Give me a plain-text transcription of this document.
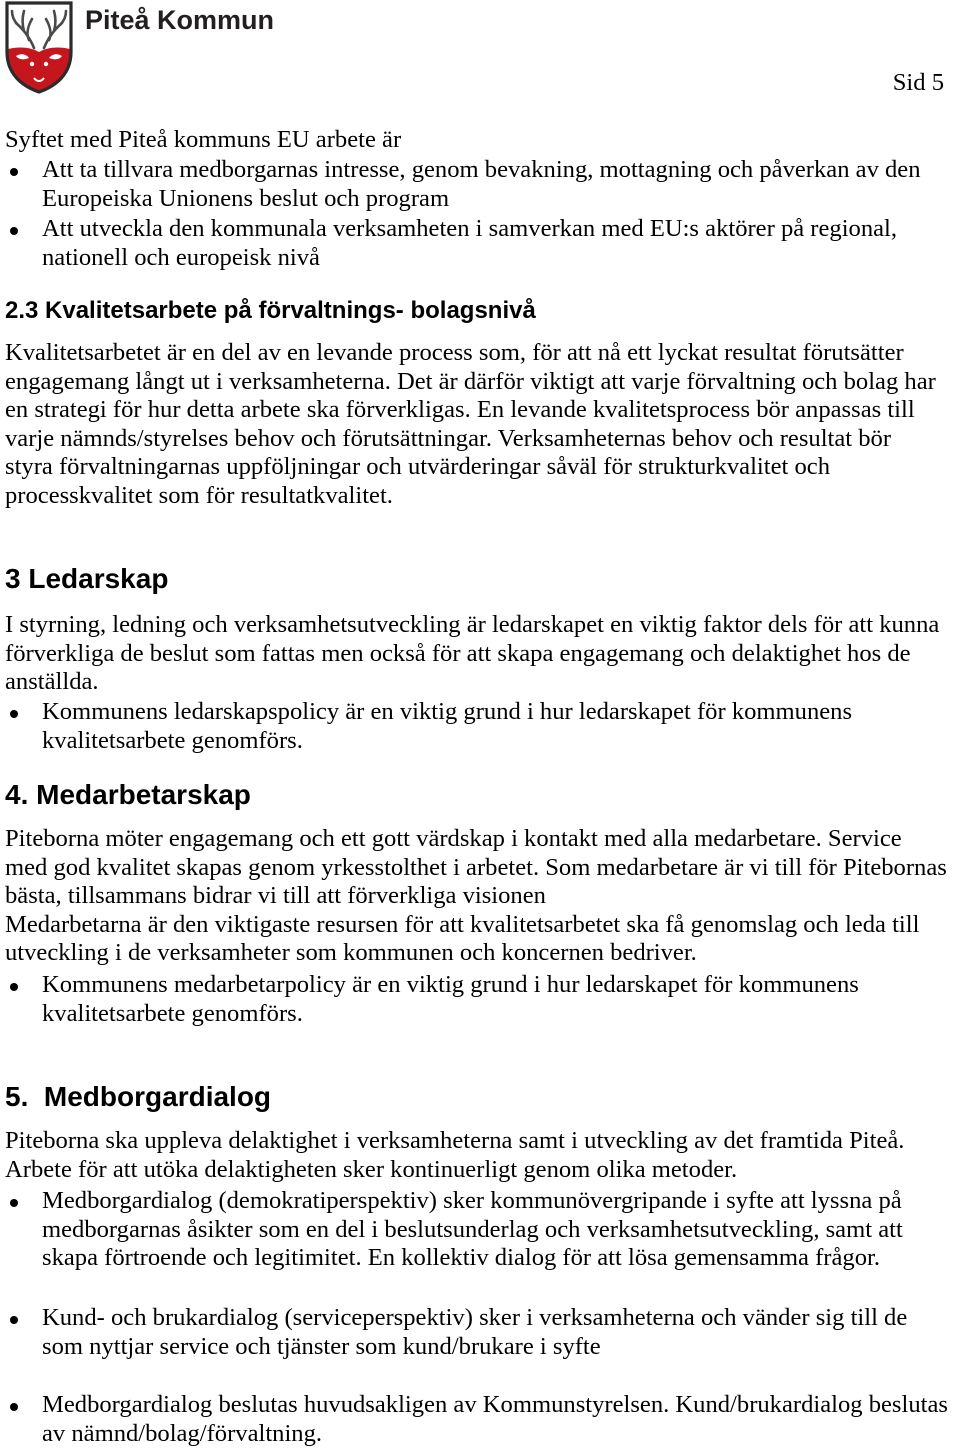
Piteå Kommun
Sid 5
Syftet med Piteå kommuns EU arbete är
Att ta tillvara medborgarnas intresse, genom bevakning, mottagning och påverkan av den
Europeiska Unionens beslut och program
Att utveckla den kommunala verksamheten i samverkan med EU:s aktörer på regional,
nationell och europeisk nivå
2.3 Kvalitetsarbete på förvaltnings- bolagsnivå
Kvalitetsarbetet är en del av en levande process som, för att nå ett lyckat resultat förutsätter
engagemang långt ut i verksamheterna. Det är därför viktigt att varje förvaltning och bolag har
en strategi för hur detta arbete ska förverkligas. En levande kvalitetsprocess bör anpassas till
varje nämnds/styrelses behov och förutsättningar. Verksamheternas behov och resultat bör
styra förvaltningarnas uppföljningar och utvärderingar såväl för strukturkvalitet och
processkvalitet som för resultatkvalitet.
3 Ledarskap
I styrning, ledning och verksamhetsutveckling är ledarskapet en viktig faktor dels för att kunna
förverkliga de beslut som fattas men också för att skapa engagemang och delaktighet hos de
anställda.
Kommunens ledarskapspolicy är en viktig grund i hur ledarskapet för kommunens
kvalitetsarbete genomförs.
4. Medarbetarskap
Piteborna möter engagemang och ett gott värdskap i kontakt med alla medarbetare. Service
med god kvalitet skapas genom yrkesstolthet i arbetet. Som medarbetare är vi till för Pitebornas
bästa, tillsammans bidrar vi till att förverkliga visionen
Medarbetarna är den viktigaste resursen för att kvalitetsarbetet ska få genomslag och leda till
utveckling i de verksamheter som kommunen och koncernen bedriver.
Kommunens medarbetarpolicy är en viktig grund i hur ledarskapet för kommunens
kvalitetsarbete genomförs.
5.  Medborgardialog
Piteborna ska uppleva delaktighet i verksamheterna samt i utveckling av det framtida Piteå.
Arbete för att utöka delaktigheten sker kontinuerligt genom olika metoder.
Medborgardialog (demokratiperspektiv) sker kommunövergripande i syfte att lyssna på
medborgarnas åsikter som en del i beslutsunderlag och verksamhetsutveckling, samt att
skapa förtroende och legitimitet. En kollektiv dialog för att lösa gemensamma frågor.
Kund- och brukardialog (serviceperspektiv) sker i verksamheterna och vänder sig till de
som nyttjar service och tjänster som kund/brukare i syfte
Medborgardialog beslutas huvudsakligen av Kommunstyrelsen. Kund/brukardialog beslutas
av nämnd/bolag/förvaltning.
